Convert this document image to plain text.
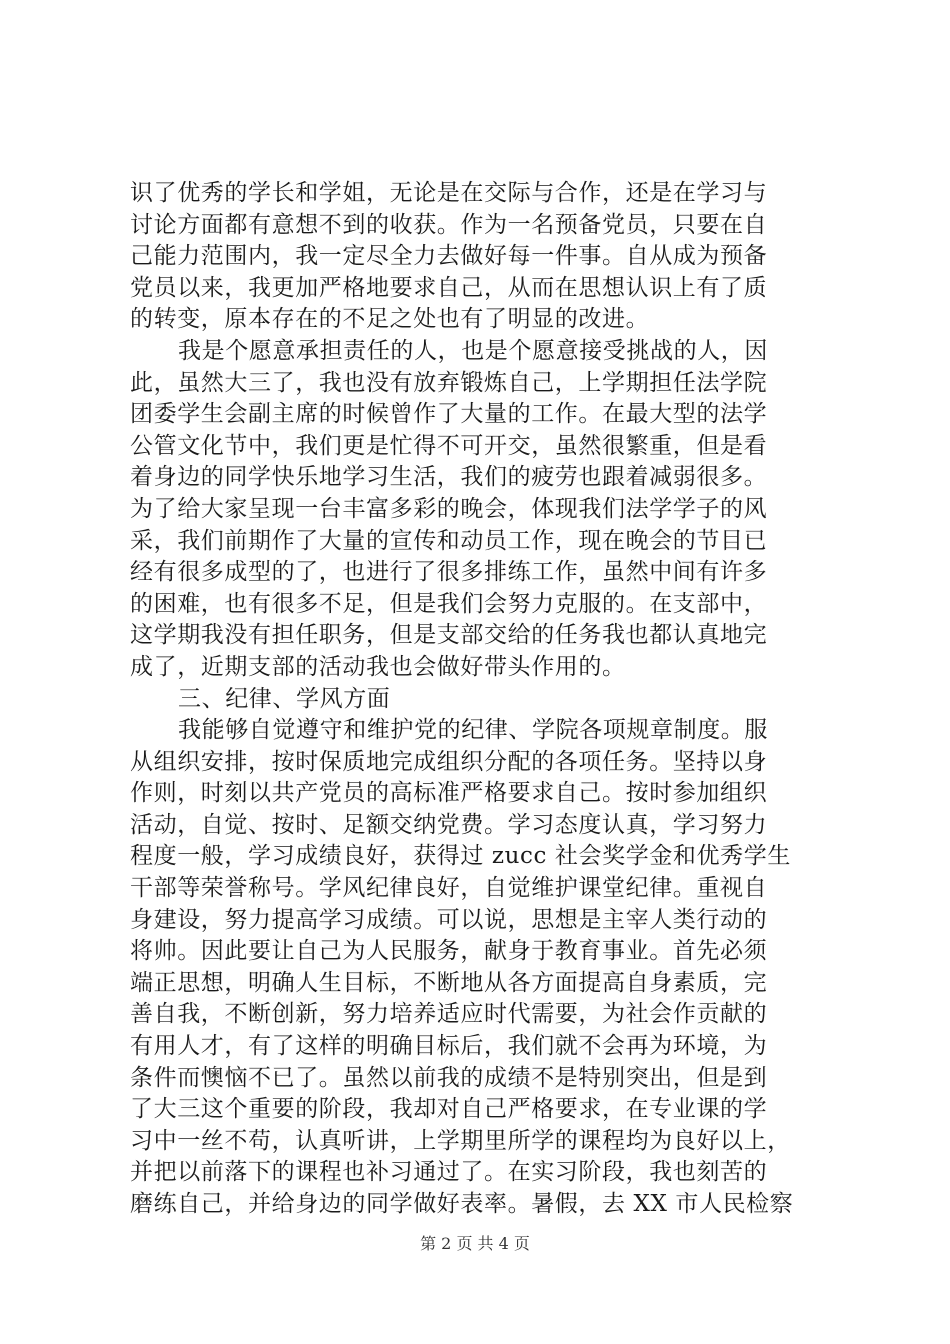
识了优秀的学长和学姐，无论是在交际与合作，还是在学习与
讨论方面都有意想不到的收获。作为一名预备党员，只要在自
己能力范围内，我一定尽全力去做好每一件事。自从成为预备
党员以来，我更加严格地要求自己，从而在思想认识上有了质
的转变，原本存在的不足之处也有了明显的改进。
我是个愿意承担责任的人，也是个愿意接受挑战的人，因
此，虽然大三了，我也没有放弃锻炼自己，上学期担任法学院
团委学生会副主席的时候曾作了大量的工作。在最大型的法学
公管文化节中，我们更是忙得不可开交，虽然很繁重，但是看
着身边的同学快乐地学习生活，我们的疲劳也跟着减弱很多。
为了给大家呈现一台丰富多彩的晚会，体现我们法学学子的风
采，我们前期作了大量的宣传和动员工作，现在晚会的节目已
经有很多成型的了，也进行了很多排练工作，虽然中间有许多
的困难，也有很多不足，但是我们会努力克服的。在支部中，
这学期我没有担任职务，但是支部交给的任务我也都认真地完
成了，近期支部的活动我也会做好带头作用的。
三、纪律、学风方面
我能够自觉遵守和维护党的纪律、学院各项规章制度。服
从组织安排，按时保质地完成组织分配的各项任务。坚持以身
作则，时刻以共产党员的高标准严格要求自己。按时参加组织
活动，自觉、按时、足额交纳党费。学习态度认真，学习努力
程度一般，学习成绩良好，获得过 zucc 社会奖学金和优秀学生
干部等荣誉称号。学风纪律良好，自觉维护课堂纪律。重视自
身建设，努力提高学习成绩。可以说，思想是主宰人类行动的
将帅。因此要让自己为人民服务，献身于教育事业。首先必须
端正思想，明确人生目标，不断地从各方面提高自身素质，完
善自我，不断创新，努力培养适应时代需要，为社会作贡献的
有用人才，有了这样的明确目标后，我们就不会再为环境，为
条件而懊恼不已了。虽然以前我的成绩不是特别突出，但是到
了大三这个重要的阶段，我却对自己严格要求，在专业课的学
习中一丝不苟，认真听讲，上学期里所学的课程均为良好以上，
并把以前落下的课程也补习通过了。在实习阶段，我也刻苦的
磨练自己，并给身边的同学做好表率。暑假，去 XX 市人民检察
第 2 页 共 4 页
